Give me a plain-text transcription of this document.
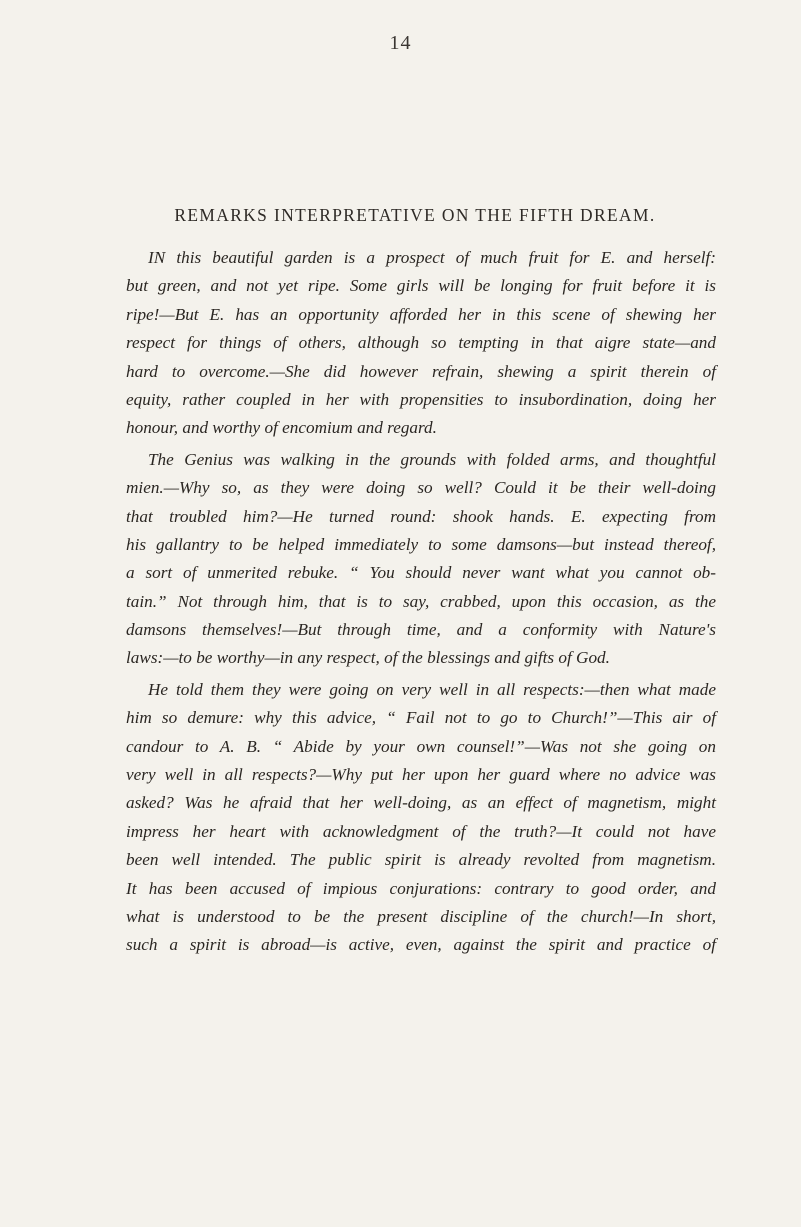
14
REMARKS INTERPRETATIVE ON THE FIFTH DREAM.
IN this beautiful garden is a prospect of much fruit for E. and herself:
but green, and not yet ripe. Some girls will be longing for fruit before it is
ripe!—But E. has an opportunity afforded her in this scene of shewing her
respect for things of others, although so tempting in that aigre state—and
hard to overcome.—She did however refrain, shewing a spirit therein of
equity, rather coupled in her with propensities to insubordination, doing her
honour, and worthy of encomium and regard.
The Genius was walking in the grounds with folded arms, and thoughtful
mien.—Why so, as they were doing so well? Could it be their well-doing
that troubled him?—He turned round: shook hands. E. expecting from
his gallantry to be helped immediately to some damsons—but instead thereof,
a sort of unmerited rebuke. “ You should never want what you cannot ob-
tain.” Not through him, that is to say, crabbed, upon this occasion, as the
damsons themselves!—But through time, and a conformity with Nature's
laws:—to be worthy—in any respect, of the blessings and gifts of God.
He told them they were going on very well in all respects:—then what made
him so demure: why this advice, “ Fail not to go to Church!”—This air of
candour to A. B. “ Abide by your own counsel!”—Was not she going on
very well in all respects?—Why put her upon her guard where no advice was
asked? Was he afraid that her well-doing, as an effect of magnetism, might
impress her heart with acknowledgment of the truth?—It could not have
been well intended. The public spirit is already revolted from magnetism.
It has been accused of impious conjurations: contrary to good order, and
what is understood to be the present discipline of the church!—In short,
such a spirit is abroad—is active, even, against the spirit and practice of
